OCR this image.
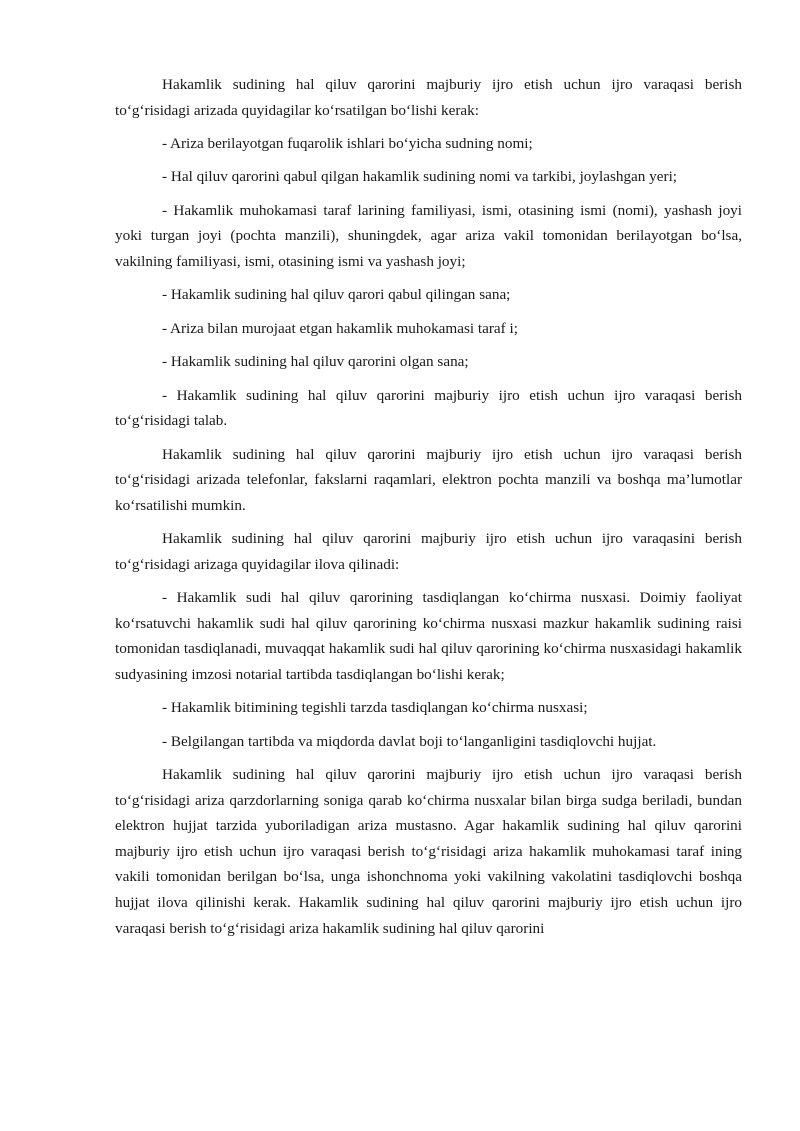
Hakamlik sudining hal qiluv qarorini majburiy ijro etish uchun ijro varaqasi berish to‘g‘risidagi arizada quyidagilar ko‘rsatilgan bo‘lishi kerak:

- Ariza berilayotgan fuqarolik ishlari bo‘yicha sudning nomi;

- Hal qiluv qarorini qabul qilgan hakamlik sudining nomi va tarkibi, joylashgan yeri;

- Hakamlik muhokamasi taraf larining familiyasi, ismi, otasining ismi (nomi), yashash joyi yoki turgan joyi (pochta manzili), shuningdek, agar ariza vakil tomonidan berilayotgan bo‘lsa, vakilning familiyasi, ismi, otasining ismi va yashash joyi;

- Hakamlik sudining hal qiluv qarori qabul qilingan sana;

- Ariza bilan murojaat etgan hakamlik muhokamasi taraf i;

- Hakamlik sudining hal qiluv qarorini olgan sana;

- Hakamlik sudining hal qiluv qarorini majburiy ijro etish uchun ijro varaqasi berish to‘g‘risidagi talab.

Hakamlik sudining hal qiluv qarorini majburiy ijro etish uchun ijro varaqasi berish to‘g‘risidagi arizada telefonlar, fakslarni raqamlari, elektron pochta manzili va boshqa ma’lumotlar ko‘rsatilishi mumkin.

Hakamlik sudining hal qiluv qarorini majburiy ijro etish uchun ijro varaqasini berish to‘g‘risidagi arizaga quyidagilar ilova qilinadi:

- Hakamlik sudi hal qiluv qarorining tasdiqlangan ko‘chirma nusxasi. Doimiy faoliyat ko‘rsatuvchi hakamlik sudi hal qiluv qarorining ko‘chirma nusxasi mazkur hakamlik sudining raisi tomonidan tasdiqlanadi, muvaqqat hakamlik sudi hal qiluv qarorining ko‘chirma nusxasidagi hakamlik sudyasining imzosi notarial tartibda tasdiqlangan bo‘lishi kerak;

- Hakamlik bitimining tegishli tarzda tasdiqlangan ko‘chirma nusxasi;

- Belgilangan tartibda va miqdorda davlat boji to‘langanligini tasdiqlovchi hujjat.

Hakamlik sudining hal qiluv qarorini majburiy ijro etish uchun ijro varaqasi berish to‘g‘risidagi ariza qarzdorlarning soniga qarab ko‘chirma nusxalar bilan birga sudga beriladi, bundan elektron hujjat tarzida yuboriladigan ariza mustasno. Agar hakamlik sudining hal qiluv qarorini majburiy ijro etish uchun ijro varaqasi berish to‘g‘risidagi ariza hakamlik muhokamasi taraf ining vakili tomonidan berilgan bo‘lsa, unga ishonchnoma yoki vakilning vakolatini tasdiqlovchi boshqa hujjat ilova qilinishi kerak. Hakamlik sudining hal qiluv qarorini majburiy ijro etish uchun ijro varaqasi berish to‘g‘risidagi ariza hakamlik sudining hal qiluv qarorini
